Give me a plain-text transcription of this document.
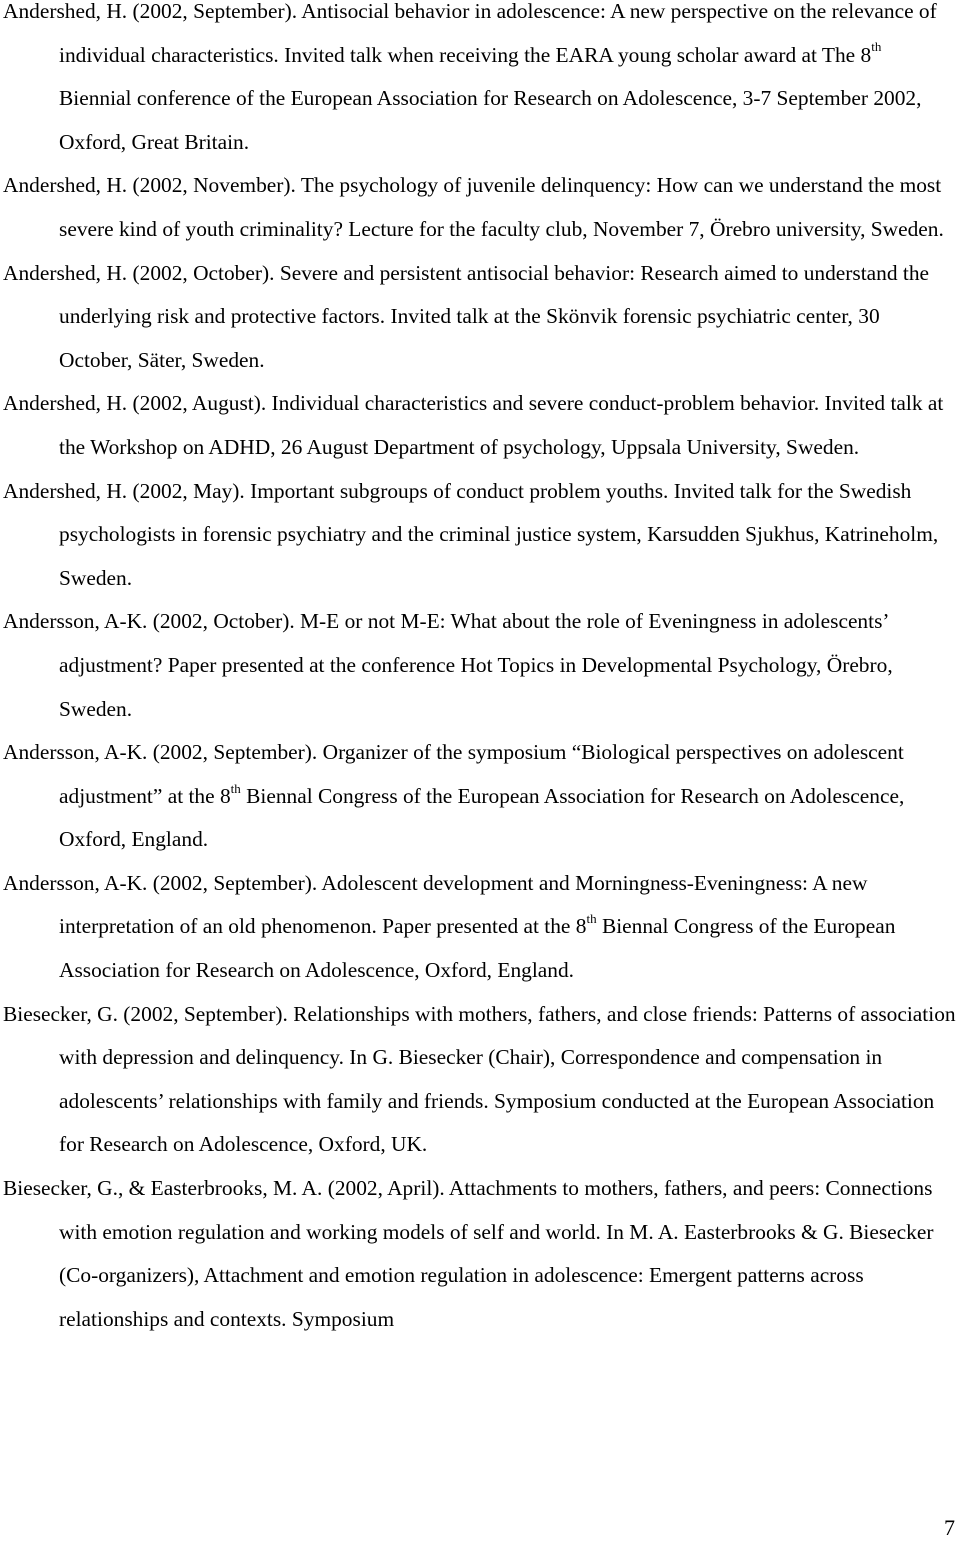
Andershed, H. (2002, September). Antisocial behavior in adolescence: A new perspective on the relevance of individual characteristics. Invited talk when receiving the EARA young scholar award at The 8th Biennial conference of the European Association for Research on Adolescence, 3-7 September 2002, Oxford, Great Britain.

Andershed, H. (2002, November). The psychology of juvenile delinquency: How can we understand the most severe kind of youth criminality? Lecture for the faculty club, November 7, Örebro university, Sweden.

Andershed, H. (2002, October). Severe and persistent antisocial behavior: Research aimed to understand the underlying risk and protective factors. Invited talk at the Skönvik forensic psychiatric center, 30 October, Säter, Sweden.

Andershed, H. (2002, August). Individual characteristics and severe conduct-problem behavior. Invited talk at the Workshop on ADHD, 26 August Department of psychology, Uppsala University, Sweden.

Andershed, H. (2002, May). Important subgroups of conduct problem youths. Invited talk for the Swedish psychologists in forensic psychiatry and the criminal justice system, Karsudden Sjukhus, Katrineholm, Sweden.

Andersson, A-K. (2002, October). M-E or not M-E: What about the role of Eveningness in adolescents’ adjustment? Paper presented at the conference Hot Topics in Developmental Psychology, Örebro, Sweden.

Andersson, A-K. (2002, September). Organizer of the symposium “Biological perspectives on adolescent adjustment” at the 8th Biennal Congress of the European Association for Research on Adolescence, Oxford, England.

Andersson, A-K. (2002, September). Adolescent development and Morningness-Eveningness: A new interpretation of an old phenomenon. Paper presented at the 8th Biennal Congress of the European Association for Research on Adolescence, Oxford, England.

Biesecker, G. (2002, September). Relationships with mothers, fathers, and close friends: Patterns of association with depression and delinquency. In G. Biesecker (Chair), Correspondence and compensation in adolescents’ relationships with family and friends. Symposium conducted at the European Association for Research on Adolescence, Oxford, UK.

Biesecker, G., & Easterbrooks, M. A. (2002, April). Attachments to mothers, fathers, and peers: Connections with emotion regulation and working models of self and world. In M. A. Easterbrooks & G. Biesecker (Co-organizers), Attachment and emotion regulation in adolescence: Emergent patterns across relationships and contexts. Symposium

7
